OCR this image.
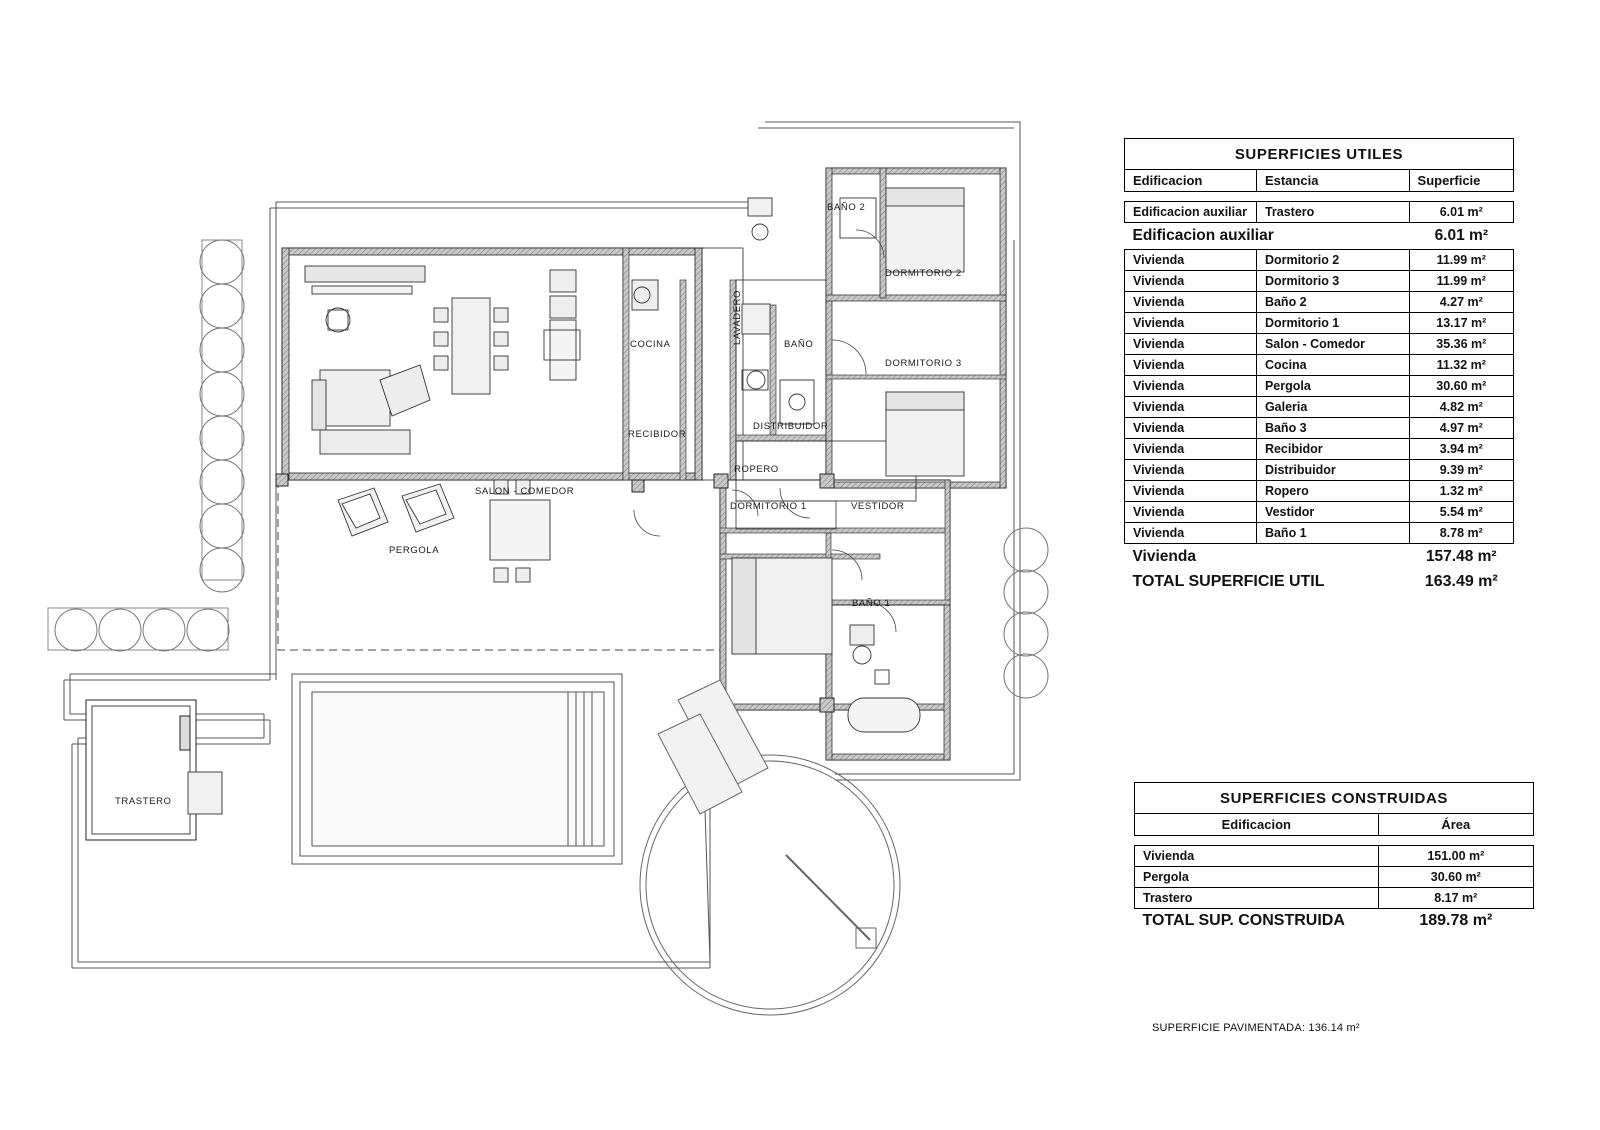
SALON - COMEDOR
COCINA	LAVADERO	BAÑO
BAÑO 2
DORMITORIO 2
DORMITORIO 3
DISTRIBUIDOR
RECIBIDOR
ROPERO
DORMITORIO 1	VESTIDOR
BAÑO 1
PERGOLA
TRASTERO
SUPERFICIES UTILES
Edificacion	Estancia	Superficie

Edificacion auxiliar	Trastero	6.01 m²
Edificacion auxiliar		6.01 m²
Vivienda	Dormitorio 2	11.99 m²
Vivienda	Dormitorio 3	11.99 m²
Vivienda	Baño 2	4.27 m²
Vivienda	Dormitorio 1	13.17 m²
Vivienda	Salon - Comedor	35.36 m²
Vivienda	Cocina	11.32 m²
Vivienda	Pergola	30.60 m²
Vivienda	Galeria	4.82 m²
Vivienda	Baño 3	4.97 m²
Vivienda	Recibidor	3.94 m²
Vivienda	Distribuidor	9.39 m²
Vivienda	Ropero	1.32 m²
Vivienda	Vestidor	5.54 m²
Vivienda	Baño 1	8.78 m²
Vivienda		157.48 m²
TOTAL SUPERFICIE UTIL		163.49 m²
SUPERFICIES CONSTRUIDAS
Edificacion	Área

Vivienda	151.00 m²
Pergola	30.60 m²
Trastero	8.17 m²
TOTAL SUP. CONSTRUIDA	189.78 m²
SUPERFICIE PAVIMENTADA: 136.14 m²
